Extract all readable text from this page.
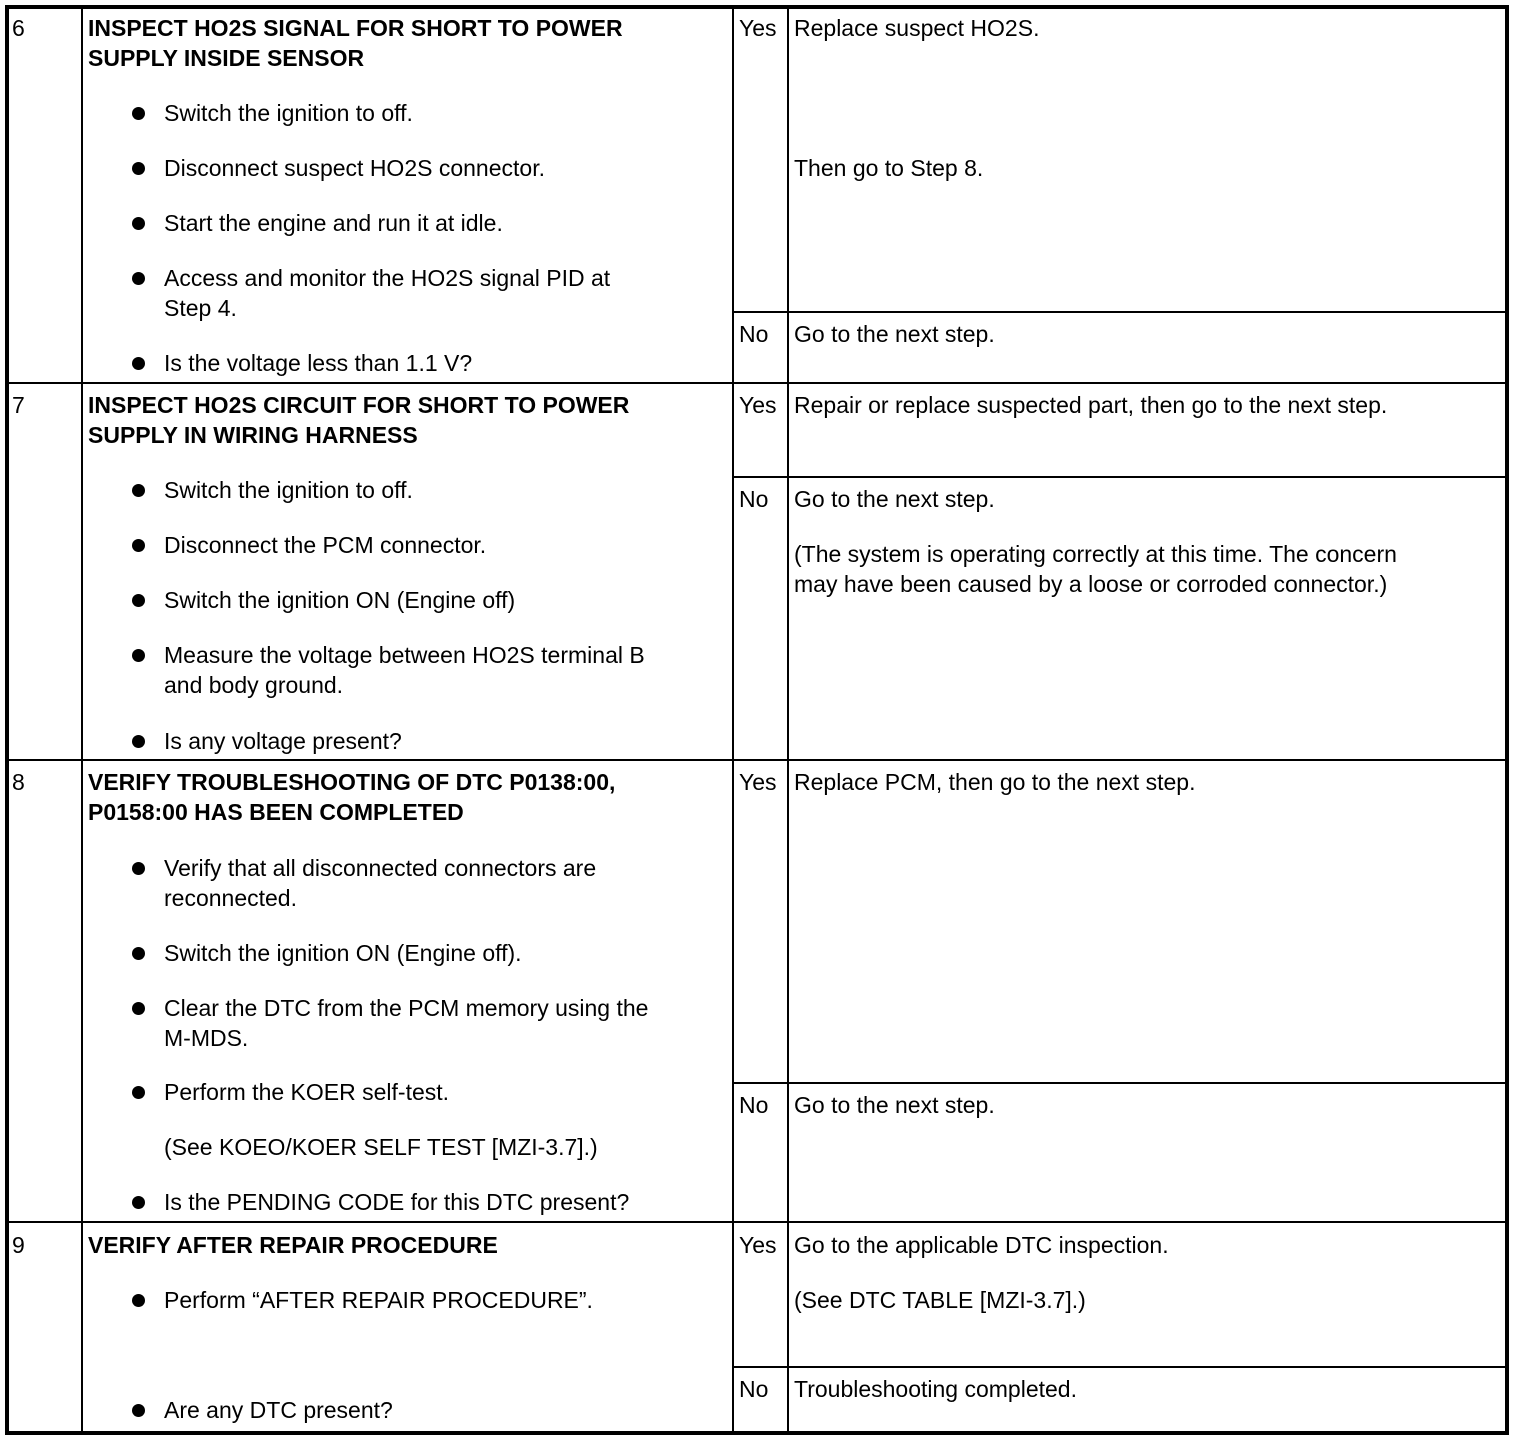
6	INSPECT HO2S SIGNAL FOR SHORT TO POWER
SUPPLY INSIDE SENSOR
Switch the ignition to off.
Disconnect suspect HO2S connector.
Start the engine and run it at idle.
Access and monitor the HO2S signal PID at
Step 4.
Is the voltage less than 1.1 V?
Yes Replace suspect HO2S.
Then go to Step 8.
No Go to the next step.
7	INSPECT HO2S CIRCUIT FOR SHORT TO POWER
SUPPLY IN WIRING HARNESS
Switch the ignition to off.
Disconnect the PCM connector.
Switch the ignition ON (Engine off)
Measure the voltage between HO2S terminal B
and body ground.
Is any voltage present?
Yes Repair or replace suspected part, then go to the next step.
No Go to the next step.
(The system is operating correctly at this time. The concern
may have been caused by a loose or corroded connector.)
8	VERIFY TROUBLESHOOTING OF DTC P0138:00,
P0158:00 HAS BEEN COMPLETED
Verify that all disconnected connectors are
reconnected.
Switch the ignition ON (Engine off).
Clear the DTC from the PCM memory using the
M-MDS.
Perform the KOER self-test.
(See KOEO/KOER SELF TEST [MZI-3.7].)
Is the PENDING CODE for this DTC present?
Yes Replace PCM, then go to the next step.
No Go to the next step.
9	VERIFY AFTER REPAIR PROCEDURE
Perform “AFTER REPAIR PROCEDURE”.
Are any DTC present?
Yes Go to the applicable DTC inspection.
(See DTC TABLE [MZI-3.7].)
No Troubleshooting completed.
